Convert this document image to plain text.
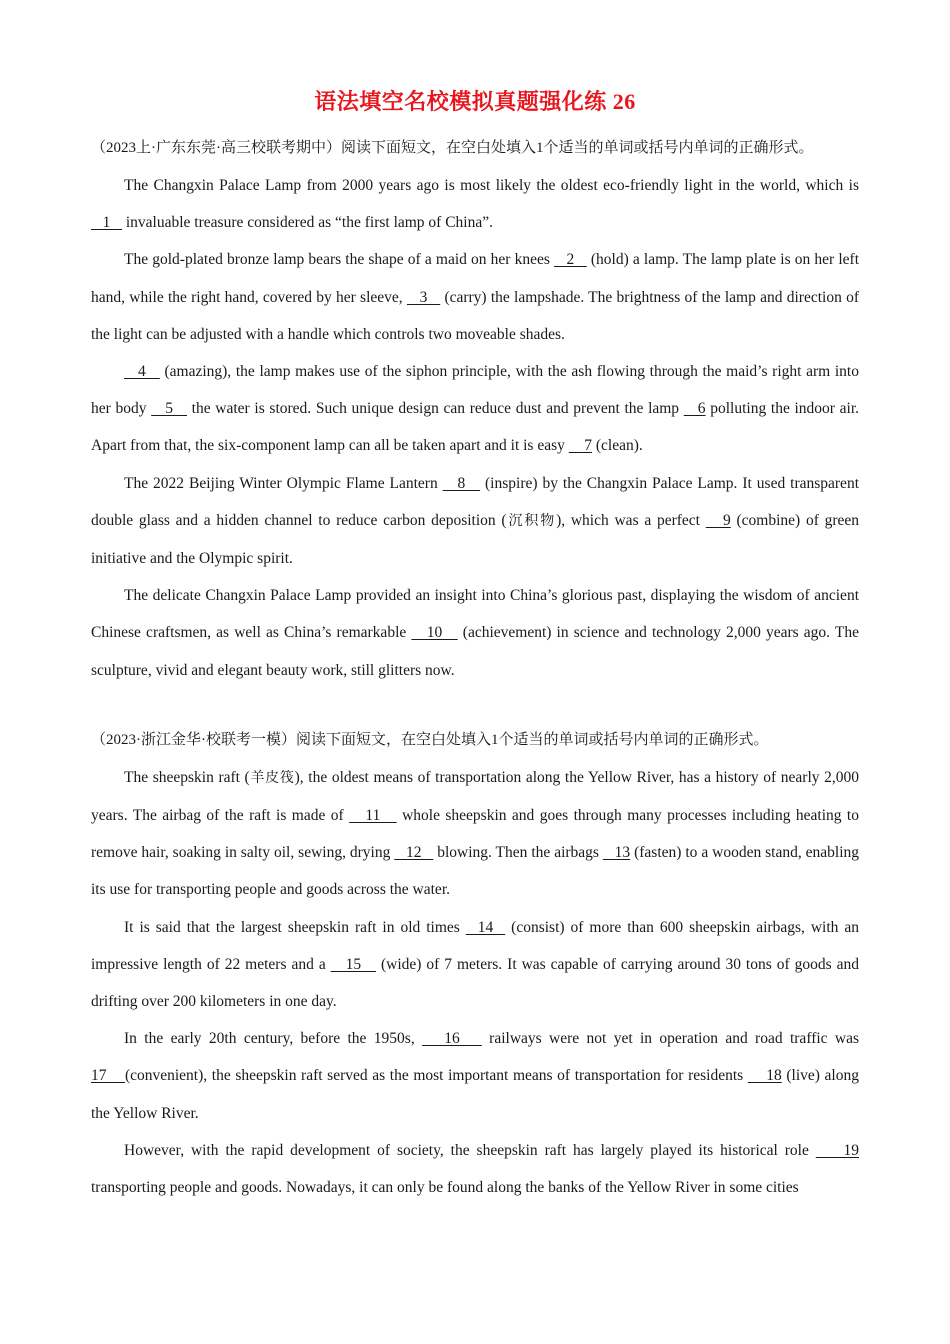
语法填空名校模拟真题强化练 26

（2023上·广东东莞·高三校联考期中）阅读下面短文，在空白处填入1个适当的单词或括号内单词的正确形式。

The Changxin Palace Lamp from 2000 years ago is most likely the oldest eco-friendly light in the world, which is    1    invaluable treasure considered as “the first lamp of China”.

The gold-plated bronze lamp bears the shape of a maid on her knees    2    (hold) a lamp. The lamp plate is on her left hand, while the right hand, covered by her sleeve,    3    (carry) the lampshade. The brightness of the lamp and direction of the light can be adjusted with a handle which controls two moveable shades.

4    (amazing), the lamp makes use of the siphon principle, with the ash flowing through the maid’s right arm into her body    5    the water is stored. Such unique design can reduce dust and prevent the lamp    6 polluting the indoor air. Apart from that, the six-component lamp can all be taken apart and it is easy     7 (clean).

The 2022 Beijing Winter Olympic Flame Lantern    8    (inspire) by the Changxin Palace Lamp. It used transparent double glass and a hidden channel to reduce carbon deposition (沉积物), which was a perfect    9 (combine) of green initiative and the Olympic spirit.

The delicate Changxin Palace Lamp provided an insight into China’s glorious past, displaying the wisdom of ancient Chinese craftsmen, as well as China’s remarkable    10    (achievement) in science and technology 2,000 years ago. The sculpture, vivid and elegant beauty work, still glitters now.

（2023·浙江金华·校联考一模）阅读下面短文，在空白处填入1个适当的单词或括号内单词的正确形式。

The sheepskin raft (羊皮筏), the oldest means of transportation along the Yellow River, has a history of nearly 2,000 years. The airbag of the raft is made of    11    whole sheepskin and goes through many processes including heating to remove hair, soaking in salty oil, sewing, drying    12    blowing. Then the airbags    13 (fasten) to a wooden stand, enabling its use for transporting people and goods across the water.

It is said that the largest sheepskin raft in old times   14   (consist) of more than 600 sheepskin airbags, with an impressive length of 22 meters and a    15    (wide) of 7 meters. It was capable of carrying around 30 tons of goods and drifting over 200 kilometers in one day.

In the early 20th century, before the 1950s,    16    railways were not yet in operation and road traffic was 17    (convenient), the sheepskin raft served as the most important means of transportation for residents     18 (live) along the Yellow River.

However, with the rapid development of society, the sheepskin raft has largely played its historical role     19 transporting people and goods. Nowadays, it can only be found along the banks of the Yellow River in some cities
